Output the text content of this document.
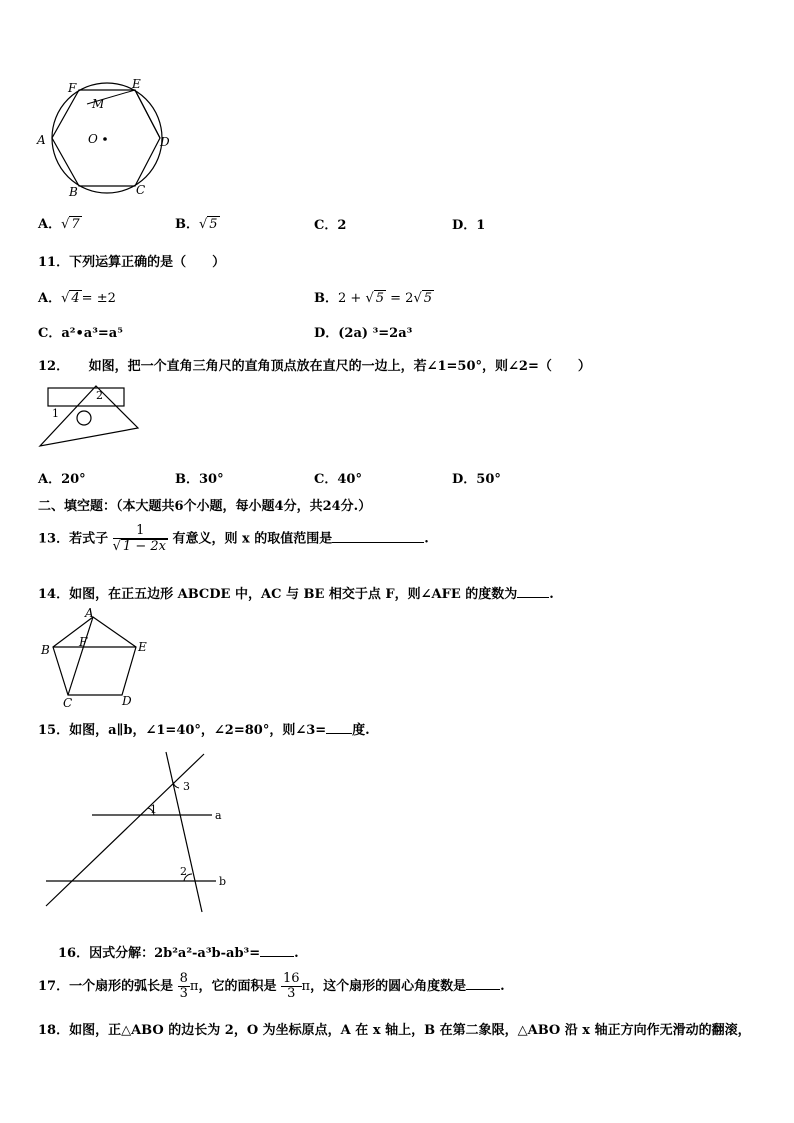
F	E
M
O
A	D
B	C
A．√ 7	B．√ 5	C．2	D．1
11．下列运算正确的是（　　）
A．√ 4 = ±2	B．2 + √ 5 = 2√ 5
C．a²•a³=a⁵	D．(2a) ³=2a³
12．　　如图，把一个直角三角尺的直角顶点放在直尺的一边上，若∠1=50°，则∠2=（　　）
2
1
A．20°	B．30°	C．40°	D．50°
二、填空题：（本大题共6个小题，每小题4分，共24分.）
13．若式子 $\frac{1}{√ 1 - 2x}$ 有意义，则 x 的取值范围是	.
14．如图，在正五边形 ABCDE 中，AC 与 BE 相交于点 F，则∠AFE 的度数为 .
A
B
F	E
C	D
15．如图，a∥b，∠1=40°，∠2=80°，则∠3= 度.
1
2
3
a
b
16．因式分解：2b²a²-a³b-ab³=	.
17．一个扇形的弧长是 $\frac{8}{3}$ π，它的面积是 $\frac{16}{3}$ π，这个扇形的圆心角度数是	.
18．如图，正△ABO 的边长为 2，O 为坐标原点，A 在 x 轴上，B 在第二象限，△ABO 沿 x 轴正方向作无滑动的翻滚，
